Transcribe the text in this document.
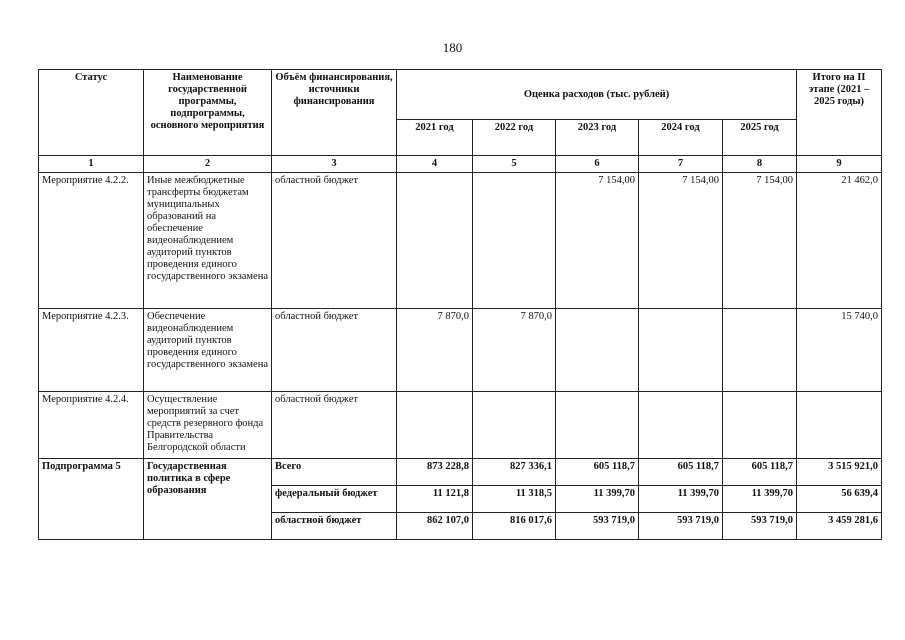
180
Статус	Наименование государственной программы, подпрограммы, основного мероприятия	Объём финансирования, источники финансирования	Оценка расходов (тыс. рублей)					Итого на II этапе (2021 – 2025 годы)
			2021 год	2022 год	2023 год	2024 год	2025 год	
1	2	3	4	5	6	7	8	9
Мероприятие 4.2.2.	Иные межбюджетные трансферты бюджетам муниципальных образований на обеспечение видеонаблюдением аудиторий пунктов проведения единого государственного экзамена	областной бюджет			7 154,00	7 154,00	7 154,00	21 462,0
Мероприятие 4.2.3.	Обеспечение видеонаблюдением аудиторий пунктов проведения единого государственного экзамена	областной бюджет	7 870,0	7 870,0				15 740,0
Мероприятие 4.2.4.	Осуществление мероприятий за счет средств резервного фонда Правительства Белгородской области	областной бюджет						
Подпрограмма 5	Государственная политика в сфере образования	Всего	873 228,8	827 336,1	605 118,7	605 118,7	605 118,7	3 515 921,0
		федеральный бюджет	11 121,8	11 318,5	11 399,70	11 399,70	11 399,70	56 639,4
		областной бюджет	862 107,0	816 017,6	593 719,0	593 719,0	593 719,0	3 459 281,6
